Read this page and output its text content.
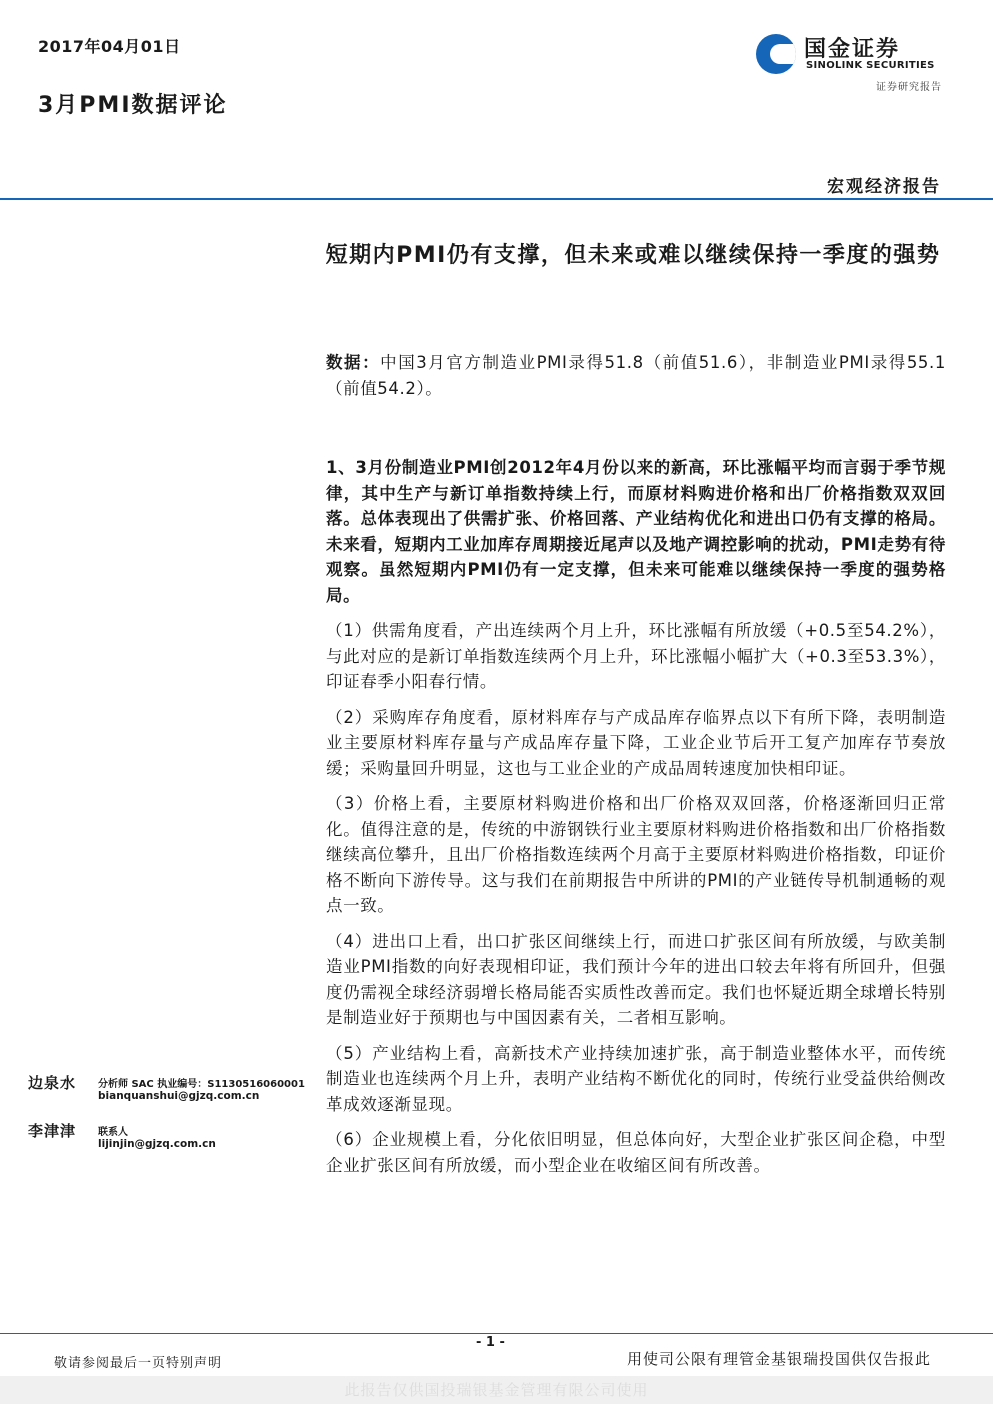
2017年04月01日
3月PMI数据评论
国金证券
SINOLINK SECURITIES
证券研究报告
宏观经济报告
短期内PMI仍有支撑，但未来或难以继续保持一季度的强势

数据：中国3月官方制造业PMI录得51.8（前值51.6），非制造业PMI录得55.1（前值54.2）。

1、3月份制造业PMI创2012年4月份以来的新高，环比涨幅平均而言弱于季节规律，其中生产与新订单指数持续上行，而原材料购进价格和出厂价格指数双双回落。总体表现出了供需扩张、价格回落、产业结构优化和进出口仍有支撑的格局。未来看，短期内工业加库存周期接近尾声以及地产调控影响的扰动，PMI走势有待观察。虽然短期内PMI仍有一定支撑，但未来可能难以继续保持一季度的强势格局。

（1）供需角度看，产出连续两个月上升，环比涨幅有所放缓（+0.5至54.2%），与此对应的是新订单指数连续两个月上升，环比涨幅小幅扩大（+0.3至53.3%），印证春季小阳春行情。

（2）采购库存角度看，原材料库存与产成品库存临界点以下有所下降，表明制造业主要原材料库存量与产成品库存量下降，工业企业节后开工复产加库存节奏放缓；采购量回升明显，这也与工业企业的产成品周转速度加快相印证。

（3）价格上看，主要原材料购进价格和出厂价格双双回落，价格逐渐回归正常化。值得注意的是，传统的中游钢铁行业主要原材料购进价格指数和出厂价格指数继续高位攀升，且出厂价格指数连续两个月高于主要原材料购进价格指数，印证价格不断向下游传导。这与我们在前期报告中所讲的PMI的产业链传导机制通畅的观点一致。

（4）进出口上看，出口扩张区间继续上行，而进口扩张区间有所放缓，与欧美制造业PMI指数的向好表现相印证，我们预计今年的进出口较去年将有所回升，但强度仍需视全球经济弱增长格局能否实质性改善而定。我们也怀疑近期全球增长特别是制造业好于预期也与中国因素有关，二者相互影响。

（5）产业结构上看，高新技术产业持续加速扩张，高于制造业整体水平，而传统制造业也连续两个月上升，表明产业结构不断优化的同时，传统行业受益供给侧改革成效逐渐显现。

（6）企业规模上看，分化依旧明显，但总体向好，大型企业扩张区间企稳，中型企业扩张区间有所放缓，而小型企业在收缩区间有所改善。

边泉水	分析师 SAC 执业编号：S1130516060001
bianquanshui@gjzq.com.cn
李津津	联系人
lijinjin@gjzq.com.cn
- 1 -
敬请参阅最后一页特别声明	用使司公限有理管金基银瑞投国供仅告报此
此报告仅供国投瑞银基金管理有限公司使用
